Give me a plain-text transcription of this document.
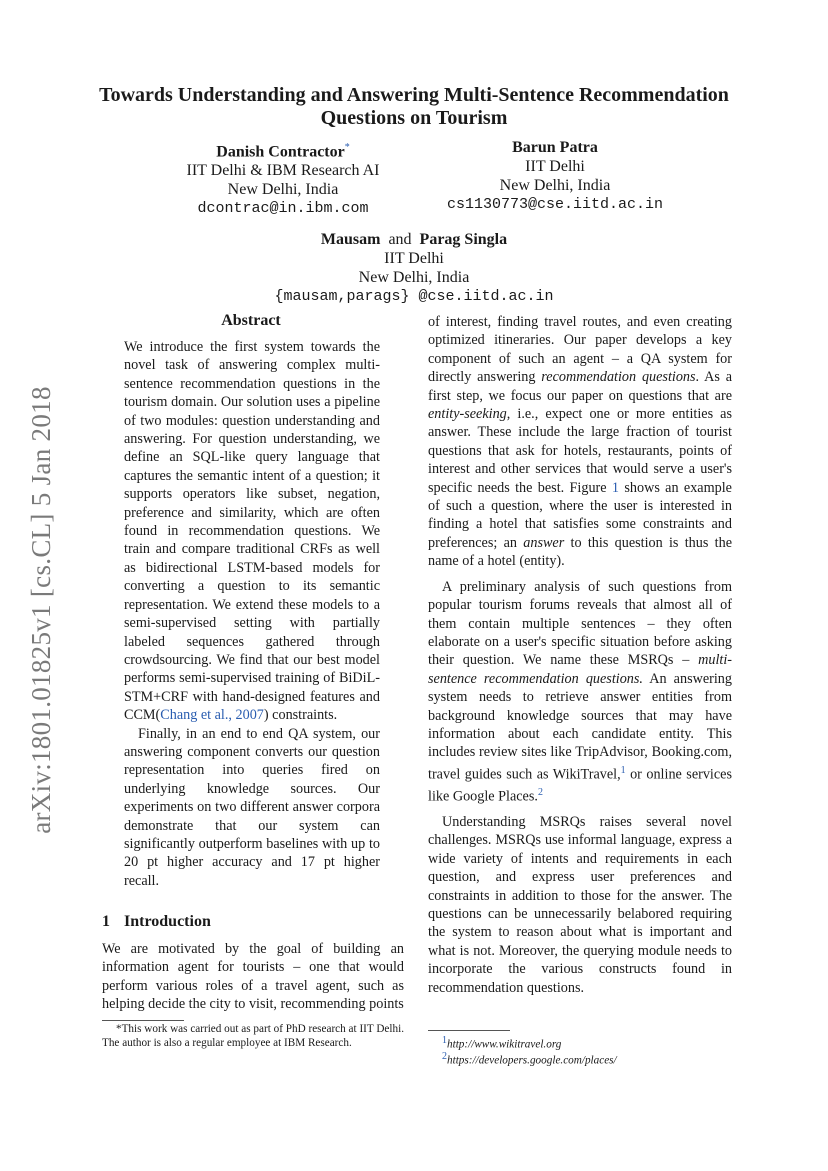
arXiv:1801.01825v1 [cs.CL] 5 Jan 2018
Towards Understanding and Answering Multi-Sentence Recommendation
Questions on Tourism
Danish Contractor*
IIT Delhi & IBM Research AI
New Delhi, India
dcontrac@in.ibm.com
Barun Patra
IIT Delhi
New Delhi, India
cs1130773@cse.iitd.ac.in
Mausam and Parag Singla
IIT Delhi
New Delhi, India
{mausam,parags} @cse.iitd.ac.in
Abstract

We introduce the first system towards the novel task of answering complex multi-sentence recommendation questions in the tourism domain. Our solution uses a pipeline of two modules: question understanding and answering. For question understanding, we define an SQL-like query language that captures the semantic intent of a question; it supports operators like subset, negation, preference and similarity, which are often found in recommendation questions. We train and compare traditional CRFs as well as bidirectional LSTM-based models for converting a question to its semantic representation. We extend these models to a semi-supervised setting with partially labeled sequences gathered through crowdsourcing. We find that our best model performs semi-supervised training of BiDiL-STM+CRF with hand-designed features and CCM(Chang et al., 2007) constraints.

Finally, in an end to end QA system, our answering component converts our question representation into queries fired on underlying knowledge sources. Our experiments on two different answer corpora demonstrate that our system can significantly outperform baselines with up to 20 pt higher accuracy and 17 pt higher recall.

1 Introduction

We are motivated by the goal of building an information agent for tourists – one that would perform various roles of a travel agent, such as helping decide the city to visit, recommending points

*This work was carried out as part of PhD research at IIT Delhi. The author is also a regular employee at IBM Research.

of interest, finding travel routes, and even creating optimized itineraries. Our paper develops a key component of such an agent – a QA system for directly answering recommendation questions. As a first step, we focus our paper on questions that are entity-seeking, i.e., expect one or more entities as answer. These include the large fraction of tourist questions that ask for hotels, restaurants, points of interest and other services that would serve a user's specific needs the best. Figure 1 shows an example of such a question, where the user is interested in finding a hotel that satisfies some constraints and preferences; an answer to this question is thus the name of a hotel (entity).

A preliminary analysis of such questions from popular tourism forums reveals that almost all of them contain multiple sentences – they often elaborate on a user's specific situation before asking their question. We name these MSRQs – multi-sentence recommendation questions. An answering system needs to retrieve answer entities from background knowledge sources that may have information about each candidate entity. This includes review sites like TripAdvisor, Booking.com, travel guides such as WikiTravel,$^1$ or online services like Google Places.$^2$

Understanding MSRQs raises several novel challenges. MSRQs use informal language, express a wide variety of intents and requirements in each question, and express user preferences and constraints in addition to those for the answer. The questions can be unnecessarily belabored requiring the system to reason about what is important and what is not. Moreover, the querying module needs to incorporate the various constructs found in recommendation questions.

1http://www.wikitravel.org
2https://developers.google.com/places/
